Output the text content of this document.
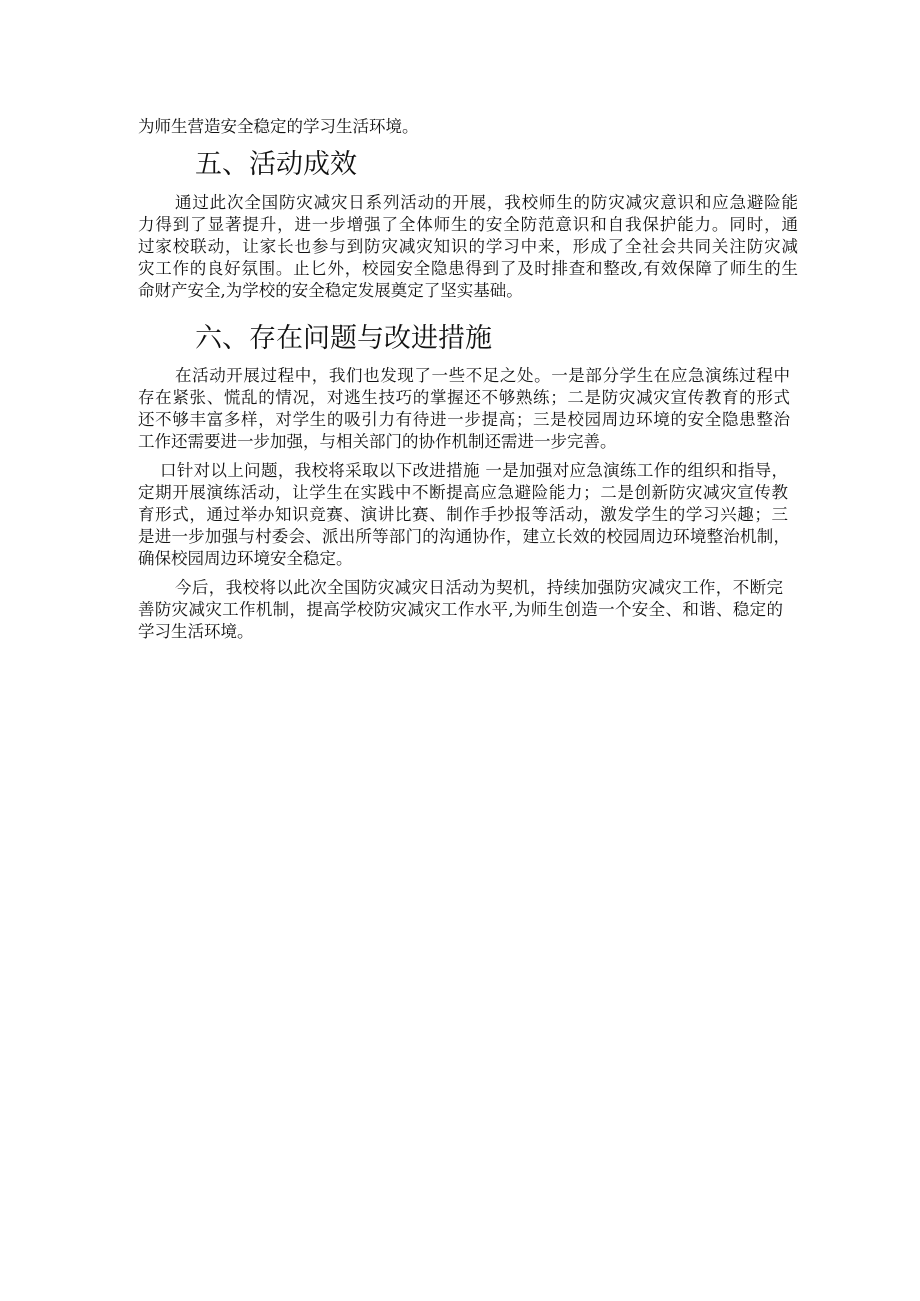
为师生营造安全稳定的学习生活环境。
五、活动成效
通过此次全国防灾减灾日系列活动的开展，我校师生的防灾减灾意识和应急避险能
力得到了显著提升，进一步增强了全体师生的安全防范意识和自我保护能力。同时，通
过家校联动，让家长也参与到防灾减灾知识的学习中来，形成了全社会共同关注防灾减
灾工作的良好氛围。止匕外，校园安全隐患得到了及时排查和整改,有效保障了师生的生
命财产安全,为学校的安全稳定发展奠定了坚实基础。
六、存在问题与改进措施
在活动开展过程中，我们也发现了一些不足之处。一是部分学生在应急演练过程中
存在紧张、慌乱的情况，对逃生技巧的掌握还不够熟练；二是防灾减灾宣传教育的形式
还不够丰富多样，对学生的吸引力有待进一步提高；三是校园周边环境的安全隐患整治
工作还需要进一步加强，与相关部门的协作机制还需进一步完善。
口针对以上问题，我校将采取以下改进措施 一是加强对应急演练工作的组织和指导，
定期开展演练活动，让学生在实践中不断提高应急避险能力；二是创新防灾减灾宣传教
育形式，通过举办知识竞赛、演讲比赛、制作手抄报等活动，激发学生的学习兴趣；三
是进一步加强与村委会、派出所等部门的沟通协作，建立长效的校园周边环境整治机制，
确保校园周边环境安全稳定。
今后，我校将以此次全国防灾减灾日活动为契机，持续加强防灾减灾工作，不断完
善防灾减灾工作机制，提高学校防灾减灾工作水平,为师生创造一个安全、和谐、稳定的
学习生活环境。
